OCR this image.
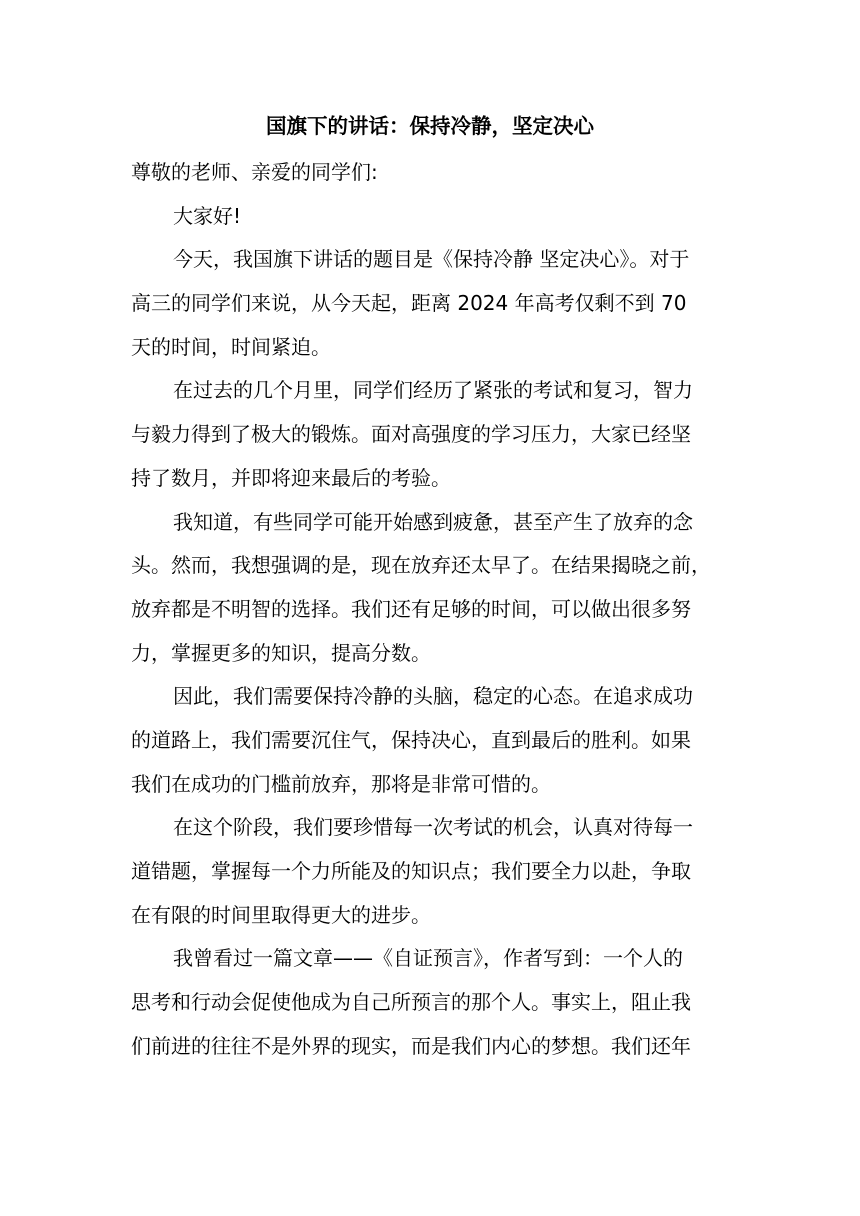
国旗下的讲话：保持冷静，坚定决心
尊敬的老师、亲爱的同学们:
大家好!
今天，我国旗下讲话的题目是《保持冷静 坚定决心》。对于
高三的同学们来说，从今天起，距离 2024 年高考仅剩不到 70
天的时间，时间紧迫。
在过去的几个月里，同学们经历了紧张的考试和复习，智力
与毅力得到了极大的锻炼。面对高强度的学习压力，大家已经坚
持了数月，并即将迎来最后的考验。
我知道，有些同学可能开始感到疲惫，甚至产生了放弃的念
头。然而，我想强调的是，现在放弃还太早了。在结果揭晓之前，
放弃都是不明智的选择。我们还有足够的时间，可以做出很多努
力，掌握更多的知识，提高分数。
因此，我们需要保持冷静的头脑，稳定的心态。在追求成功
的道路上，我们需要沉住气，保持决心，直到最后的胜利。如果
我们在成功的门槛前放弃，那将是非常可惜的。
在这个阶段，我们要珍惜每一次考试的机会，认真对待每一
道错题，掌握每一个力所能及的知识点；我们要全力以赴，争取
在有限的时间里取得更大的进步。
我曾看过一篇文章——《自证预言》，作者写到：一个人的
思考和行动会促使他成为自己所预言的那个人。事实上，阻止我
们前进的往往不是外界的现实，而是我们内心的梦想。我们还年
